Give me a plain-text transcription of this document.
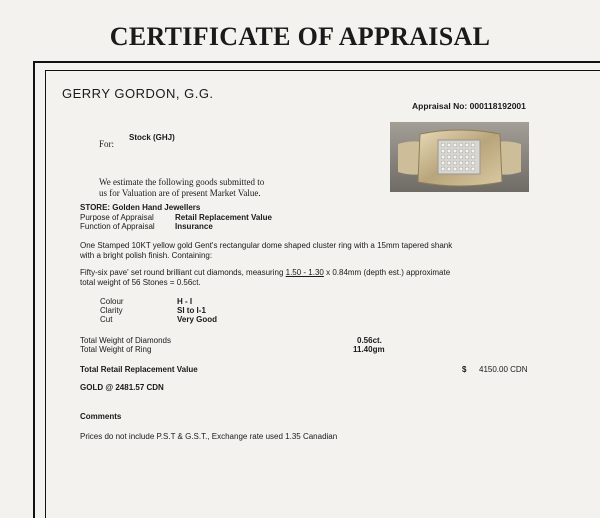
CERTIFICATE OF APPRAISAL
GERRY GORDON, G.G.
Appraisal No: 000118192001
Stock (GHJ)
For:
We estimate the following goods submitted to
us for Valuation are of present Market Value.
STORE: Golden Hand Jewellers
Purpose of Appraisal	Retail Replacement Value
Function of Appraisal	Insurance
One Stamped 10KT yellow gold Gent's rectangular dome shaped cluster ring with a 15mm tapered shank
with a bright polish finish. Containing:
Fifty-six pave' set round brilliant cut diamonds, measuring 1.50 - 1.30 x 0.84mm (depth est.) approximate
total weight of 56 Stones = 0.56ct.
Colour	H - I
Clarity	SI to I-1
Cut	Very Good
Total Weight of Diamonds	0.56ct.
Total Weight of Ring	11.40gm
Total Retail Replacement Value	$ 4150.00 CDN
GOLD @ 2481.57 CDN
Comments
Prices do not include P.S.T & G.S.T., Exchange rate used 1.35 Canadian
